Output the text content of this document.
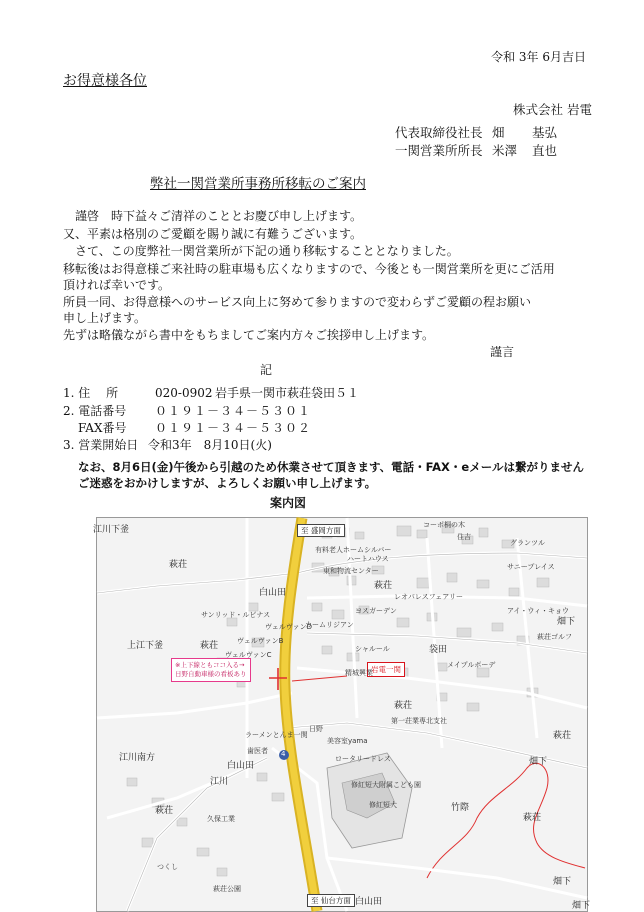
令和 3年 6月吉日
お得意様各位
株式会社 岩電
代表取締役社長 畑 基弘
一関営業所所長 米澤 直也
弊社一関営業所事務所移転のご案内
　謹啓　時下益々ご清祥のこととお慶び申し上げます。
又、平素は格別のご愛顧を賜り誠に有難うございます。
　さて、この度弊社一関営業所が下記の通り移転することとなりました。
移転後はお得意様ご来社時の駐車場も広くなりますので、今後とも一関営業所を更にご活用
頂ければ幸いです。
所員一同、お得意様へのサービス向上に努めて参りますので変わらずご愛顧の程お願い
申し上げます。
先ずは略儀ながら書中をもちましてご案内方々ご挨拶申し上げます。
謹言
記
1. 住　 所	020-0902 岩手県一関市萩荘袋田５１
2. 電話番号 ０１９１－３４－５３０１
FAX番号 ０１９１－３４－５３０２
3. 営業開始日 令和3年　8月10日(火)
なお、8月6日(金)午後から引越のため休業させて頂きます、電話・FAX・eメールは繋がりません
ご迷惑をおかけしますが、よろしくお願い申し上げます。
案内図
至 盛岡方面
至 仙台方面
岩電一関
※上下線ともココ入る→
日野自動車様の看板あり
4
江川下釜
白山田
白山田
白山田
上江下釜
萩荘
萩荘
萩荘
萩荘
萩荘
萩荘
萩荘
袋田
江川南方
江川
畑下
畑下
畑下
畑下
竹際
コーポ桐の木
住吉
有料老人ホームシルバー
東和物流センター
グランツル
サニープレイス
レオパレスフェアリー
ヨスガーデン
メイプルボーデ
ハートハウス
アイ・ウィ・キョウ
サンリッド・ルビナス
ヴェルヴァンB
ヴェルヴァンC
ヴェルヴァンD
カームリジアン
シャルール
精城興業
日野
美容室yama
ラーメンとんま一関
歯医者
ロータリードレス
修紅短大附属こども園
修紅短大
萩荘ゴルフ
第一荘業専北支社
久保工業
つくし
萩荘公園
